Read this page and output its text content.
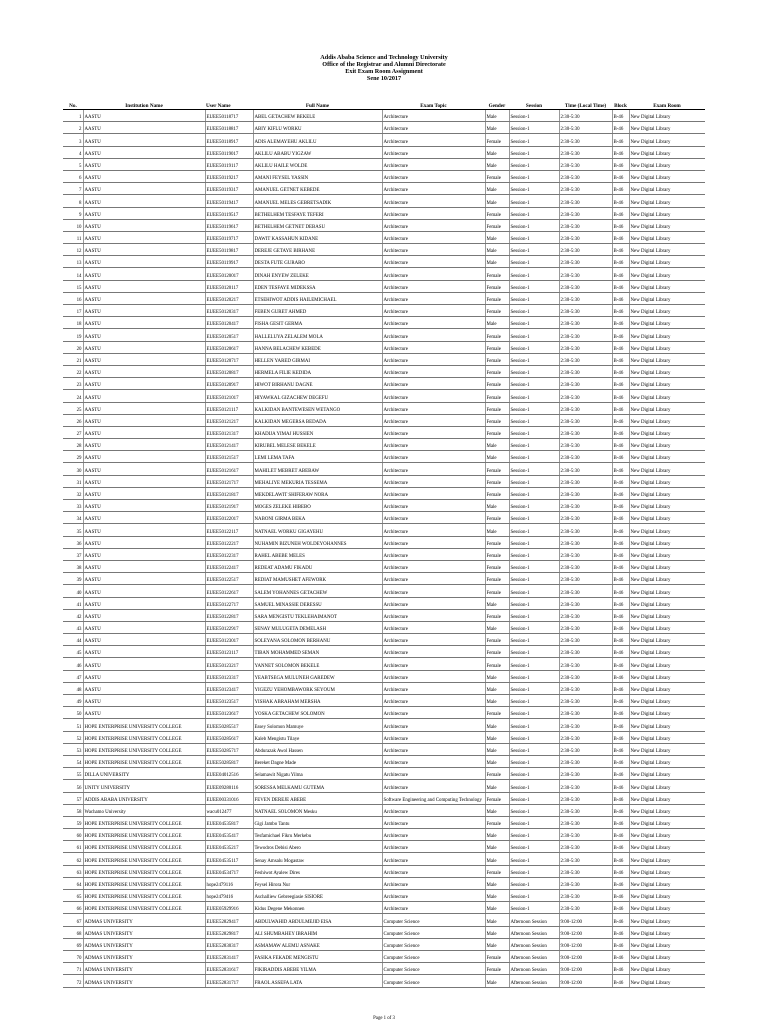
Addis Ababa Science and Technology University
Office of the Registrar and Alumni Directorate
Exit Exam Room Assignment
Sene 10/2017
No.	Institution Name	User Name	Full Name	Exam Topic	Gender	Session	Time (Local Time)	Block	Exam Room
1	AASTU	EUEE50118717	ABEL GETACHEW BEKELE	Architecture	Male	Session-1	2:30-5:30	B-46	New Digital Library
2	AASTU	EUEE50118817	ABIY KIFLU WORKU	Architecture	Male	Session-1	2:30-5:30	B-46	New Digital Library
3	AASTU	EUEE50118917	ADIS ALEMAYEHU AKLILU	Architecture	Female	Session-1	2:30-5:30	B-46	New Digital Library
4	AASTU	EUEE50119017	AKLILU ABABU YIGZAW	Architecture	Male	Session-1	2:30-5:30	B-46	New Digital Library
5	AASTU	EUEE50119117	AKLILU HAILE WOLDE	Architecture	Male	Session-1	2:30-5:30	B-46	New Digital Library
6	AASTU	EUEE50119217	AMANI FEYSEL YASSIN	Architecture	Female	Session-1	2:30-5:30	B-46	New Digital Library
7	AASTU	EUEE50119317	AMANUEL GETNET KEBEDE	Architecture	Male	Session-1	2:30-5:30	B-46	New Digital Library
8	AASTU	EUEE50119417	AMANUEL MELES GEBRETSADIK	Architecture	Male	Session-1	2:30-5:30	B-46	New Digital Library
9	AASTU	EUEE50119517	BETHELHEM TESFAYE TEFERI	Architecture	Female	Session-1	2:30-5:30	B-46	New Digital Library
10	AASTU	EUEE50119617	BETHELHEM GETNET DEBASU	Architecture	Female	Session-1	2:30-5:30	B-46	New Digital Library
11	AASTU	EUEE50119717	DAWIT KASSAHUN KIDANE	Architecture	Male	Session-1	2:30-5:30	B-46	New Digital Library
12	AASTU	EUEE50119817	DEREJE GETAYE BIRHANE	Architecture	Male	Session-1	2:30-5:30	B-46	New Digital Library
13	AASTU	EUEE50119917	DESTA FUTE GURARO	Architecture	Male	Session-1	2:30-5:30	B-46	New Digital Library
14	AASTU	EUEE50120017	DINAH ENYEW ZELEKE	Architecture	Female	Session-1	2:30-5:30	B-46	New Digital Library
15	AASTU	EUEE50120117	EDEN TESFAYE MIDEKSSA	Architecture	Female	Session-1	2:30-5:30	B-46	New Digital Library
16	AASTU	EUEE50120217	ETSEHIWOT ADDIS HAILEMICHAEL	Architecture	Female	Session-1	2:30-5:30	B-46	New Digital Library
17	AASTU	EUEE50120317	FEBEN GURET AHMED	Architecture	Female	Session-1	2:30-5:30	B-46	New Digital Library
18	AASTU	EUEE50120417	FISHA GESIT GERMA	Architecture	Male	Session-1	2:30-5:30	B-46	New Digital Library
19	AASTU	EUEE50120517	HALLELUYA ZELALEM MOLA	Architecture	Female	Session-1	2:30-5:30	B-46	New Digital Library
20	AASTU	EUEE50120617	HANNA BELACHEW KEBEDE	Architecture	Female	Session-1	2:30-5:30	B-46	New Digital Library
21	AASTU	EUEE50120717	HELLEN YARED GIRMAI	Architecture	Female	Session-1	2:30-5:30	B-46	New Digital Library
22	AASTU	EUEE50120817	HERMELA FILIE KEDIDA	Architecture	Female	Session-1	2:30-5:30	B-46	New Digital Library
23	AASTU	EUEE50120917	HIWOT BIRHANU DAGNE	Architecture	Female	Session-1	2:30-5:30	B-46	New Digital Library
24	AASTU	EUEE50121017	HIYAWKAL GIZACHEW DEGEFU	Architecture	Female	Session-1	2:30-5:30	B-46	New Digital Library
25	AASTU	EUEE50121117	KALKIDAN BANTEWESEN WETANGO	Architecture	Female	Session-1	2:30-5:30	B-46	New Digital Library
26	AASTU	EUEE50121217	KALKIDAN MEGERSA BEDADA	Architecture	Female	Session-1	2:30-5:30	B-46	New Digital Library
27	AASTU	EUEE50121317	KHADIJA YIMAJ HUSSIEN	Architecture	Female	Session-1	2:30-5:30	B-46	New Digital Library
28	AASTU	EUEE50121417	KIRUBEL MELESE BEKELE	Architecture	Male	Session-1	2:30-5:30	B-46	New Digital Library
29	AASTU	EUEE50121517	LEMI LEMA TAFA	Architecture	Male	Session-1	2:30-5:30	B-46	New Digital Library
30	AASTU	EUEE50121617	MAHILET MEBRET ABEBAW	Architecture	Female	Session-1	2:30-5:30	B-46	New Digital Library
31	AASTU	EUEE50121717	MEHALIYE MEKURIA TESSEMA	Architecture	Female	Session-1	2:30-5:30	B-46	New Digital Library
32	AASTU	EUEE50121817	MEKDELAWIT SHIFERAW NORA	Architecture	Female	Session-1	2:30-5:30	B-46	New Digital Library
33	AASTU	EUEE50121917	MOGES ZELEKE HIBEBO	Architecture	Male	Session-1	2:30-5:30	B-46	New Digital Library
34	AASTU	EUEE50122017	NABONI GIRMA BEKA	Architecture	Female	Session-1	2:30-5:30	B-46	New Digital Library
35	AASTU	EUEE50122117	NATNAEL WORKU GIGAYEHU	Architecture	Male	Session-1	2:30-5:30	B-46	New Digital Library
36	AASTU	EUEE50122217	NUHAMIN BIZUNEH WOLDEYOHANNES	Architecture	Female	Session-1	2:30-5:30	B-46	New Digital Library
37	AASTU	EUEE50122317	RAHEL ABEBE MELES	Architecture	Female	Session-1	2:30-5:30	B-46	New Digital Library
38	AASTU	EUEE50122417	REDEAT ADAMU FIKADU	Architecture	Female	Session-1	2:30-5:30	B-46	New Digital Library
39	AASTU	EUEE50122517	REDIAT MAMUSHET AFEWORK	Architecture	Female	Session-1	2:30-5:30	B-46	New Digital Library
40	AASTU	EUEE50122617	SALEM YOHANNES GETACHEW	Architecture	Female	Session-1	2:30-5:30	B-46	New Digital Library
41	AASTU	EUEE50122717	SAMUEL MINASSIE DERESSU	Architecture	Male	Session-1	2:30-5:30	B-46	New Digital Library
42	AASTU	EUEE50122817	SARA MENGISTU TEKLEHAIMANOT	Architecture	Female	Session-1	2:30-5:30	B-46	New Digital Library
43	AASTU	EUEE50122917	SENAY MULUGETA DEMELASH	Architecture	Male	Session-1	2:30-5:30	B-46	New Digital Library
44	AASTU	EUEE50123017	SOLEYANA SOLOMON BERHANU	Architecture	Female	Session-1	2:30-5:30	B-46	New Digital Library
45	AASTU	EUEE50123117	TIBAN MOHAMMED SEMAN	Architecture	Female	Session-1	2:30-5:30	B-46	New Digital Library
46	AASTU	EUEE50123217	YANNET SOLOMON BEKELE	Architecture	Female	Session-1	2:30-5:30	B-46	New Digital Library
47	AASTU	EUEE50123317	YEABTSEGA MULUNEH GAREDEW	Architecture	Male	Session-1	2:30-5:30	B-46	New Digital Library
48	AASTU	EUEE50123417	YIGEZU YEHOMBAWORK SEYOUM	Architecture	Male	Session-1	2:30-5:30	B-46	New Digital Library
49	AASTU	EUEE50123517	YISHAK ABRAHAM MERSHA	Architecture	Male	Session-1	2:30-5:30	B-46	New Digital Library
50	AASTU	EUEE50123617	YOSKA GETACHEW SOLOMON	Architecture	Female	Session-1	2:30-5:30	B-46	New Digital Library
51	HOPE ENTERPRISE UNIVERSITY COLLEGE	EUEE50285517	Essey Solomon Mamuye	Architecture	Male	Session-1	2:30-5:30	B-46	New Digital Library
52	HOPE ENTERPRISE UNIVERSITY COLLEGE	EUEE50285617	Kaleb Mengistu Tilaye	Architecture	Male	Session-1	2:30-5:30	B-46	New Digital Library
53	HOPE ENTERPRISE UNIVERSITY COLLEGE	EUEE50285717	Abdurazak Awol Hassen	Architecture	Male	Session-1	2:30-5:30	B-46	New Digital Library
54	HOPE ENTERPRISE UNIVERSITY COLLEGE	EUEE50285817	Bereket Dagne Made	Architecture	Male	Session-1	2:30-5:30	B-46	New Digital Library
55	DILLA UNIVERSITY	EUEE04012516	Selamawit Nigatu Yilma	Architecture	Female	Session-1	2:30-5:30	B-46	New Digital Library
56	UNITY UNIVERSITY	EUEE09280116	SORESSA MELKAMU GUTEMA	Architecture	Male	Session-1	2:30-5:30	B-46	New Digital Library
57	ADDIS ABABA UNIVERSITY	EUEE00331016	FEVEN DEREJE ABEBE	Software Engineering and Computing Technology	Female	Session-1	2:30-5:30	B-46	New Digital Library
58	Wachamo University	wacu012477	NATNAEL SOLOMON Mesku	Architecture	Male	Session-1	2:30-5:30	B-46	New Digital Library
59	HOPE ENTERPRISE UNIVERSITY COLLEGE	EUEE04535817	Gigi Jambo Tantu	Architecture	Female	Session-1	2:30-5:30	B-46	New Digital Library
60	HOPE ENTERPRISE UNIVERSITY COLLEGE	EUEE04535417	Tesfamichael Fikru Merkebu	Architecture	Male	Session-1	2:30-5:30	B-46	New Digital Library
61	HOPE ENTERPRISE UNIVERSITY COLLEGE	EUEE04535217	Tewodros Debisi Abero	Architecture	Male	Session-1	2:30-5:30	B-46	New Digital Library
62	HOPE ENTERPRISE UNIVERSITY COLLEGE	EUEE04535117	Senay Amsalu Mogastaw	Architecture	Male	Session-1	2:30-5:30	B-46	New Digital Library
63	HOPE ENTERPRISE UNIVERSITY COLLEGE	EUEE04534717	Feshiwot Ayalew Dires	Architecture	Female	Session-1	2:30-5:30	B-46	New Digital Library
64	HOPE ENTERPRISE UNIVERSITY COLLEGE	hope2479116	Feysel Hirora Nur	Architecture	Male	Session-1	2:30-5:30	B-46	New Digital Library
65	HOPE ENTERPRISE UNIVERSITY COLLEGE	hope2479416	Aschalliew Gebreegiasie SISIORE	Architecture	Male	Session-1	2:30-5:30	B-46	New Digital Library
66	HOPE ENTERPRISE UNIVERSITY COLLEGE	EUEE05929916	Kidus Degene Mekonnen	Architecture	Male	Session-1	2:30-5:30	B-46	New Digital Library
67	ADMAS UNIVERSITY	EUEE52829417	ABDULWAHID ABDULMEJID EISA	Computer Science	Male	Afternoon Session	9:00-12:00	B-46	New Digital Library
68	ADMAS UNIVERSITY	EUEE52829817	ALI SHUMBAHEY IBRAHIM	Computer Science	Male	Afternoon Session	9:00-12:00	B-46	New Digital Library
69	ADMAS UNIVERSITY	EUEE52830317	ASMAMAW ALEMU ASNAKE	Computer Science	Male	Afternoon Session	9:00-12:00	B-46	New Digital Library
70	ADMAS UNIVERSITY	EUEE52831417	FASIKA FEKADE MENGISTU	Computer Science	Female	Afternoon Session	9:00-12:00	B-46	New Digital Library
71	ADMAS UNIVERSITY	EUEE52831617	FIKIRADDIS ABEBE YILMA	Computer Science	Female	Afternoon Session	9:00-12:00	B-46	New Digital Library
72	ADMAS UNIVERSITY	EUEE52831717	FRAOL ASSEFA LATA	Computer Science	Male	Afternoon Session	9:00-12:00	B-46	New Digital Library
Page 1 of 3
